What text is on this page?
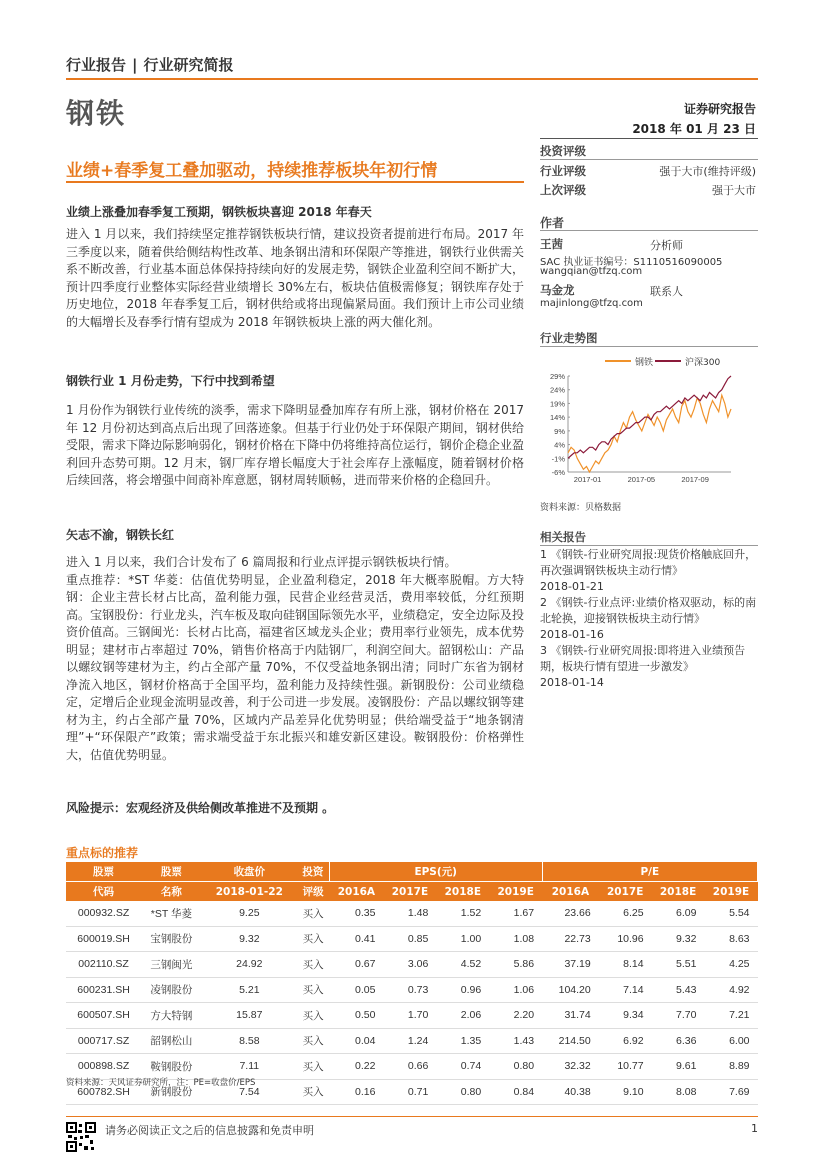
行业报告 | 行业研究简报
钢铁	证券研究报告
2018 年 01 月 23 日
业绩+春季复工叠加驱动，持续推荐板块年初行情
业绩上涨叠加春季复工预期，钢铁板块喜迎 2018 年春天

进入 1 月以来，我们持续坚定推荐钢铁板块行情，建议投资者提前进行布局。2017 年三季度以来，随着供给侧结构性改革、地条钢出清和环保限产等推进，钢铁行业供需关系不断改善，行业基本面总体保持持续向好的发展走势，钢铁企业盈利空间不断扩大，预计四季度行业整体实际经营业绩增长 30%左右，板块估值极需修复；钢铁库存处于历史地位，2018 年春季复工后，钢材供给或将出现偏紧局面。我们预计上市公司业绩的大幅增长及春季行情有望成为 2018 年钢铁板块上涨的两大催化剂。

钢铁行业 1 月份走势，下行中找到希望

1 月份作为钢铁行业传统的淡季，需求下降明显叠加库存有所上涨，钢材价格在 2017 年 12 月份初达到高点后出现了回落迹象。但基于行业仍处于环保限产期间，钢材供给受限，需求下降边际影响弱化，钢材价格在下降中仍将维持高位运行，钢价企稳企业盈利回升态势可期。12 月末，钢厂库存增长幅度大于社会库存上涨幅度，随着钢材价格后续回落，将会增强中间商补库意愿，钢材周转顺畅，进而带来价格的企稳回升。

矢志不渝，钢铁长红

进入 1 月以来，我们合计发布了 6 篇周报和行业点评提示钢铁板块行情。

重点推荐：*ST 华菱：估值优势明显，企业盈利稳定，2018 年大概率脱帽。方大特钢：企业主营长材占比高，盈利能力强，民营企业经营灵活，费用率较低，分红预期高。宝钢股份：行业龙头，汽车板及取向硅钢国际领先水平，业绩稳定，安全边际及投资价值高。三钢闽光：长材占比高，福建省区域龙头企业；费用率行业领先，成本优势明显；建材市占率超过 70%，销售价格高于内陆钢厂，利润空间大。韶钢松山：产品以螺纹钢等建材为主，约占全部产量 70%，不仅受益地条钢出清；同时广东省为钢材净流入地区，钢材价格高于全国平均，盈利能力及持续性强。新钢股份：公司业绩稳定，定增后企业现金流明显改善，利于公司进一步发展。凌钢股份：产品以螺纹钢等建材为主，约占全部产量 70%，区域内产品差异化优势明显；供给端受益于“地条钢清理”+“环保限产”政策；需求端受益于东北振兴和雄安新区建设。鞍钢股份：价格弹性大，估值优势明显。

风险提示：宏观经济及供给侧改革推进不及预期 。
投资评级
行业评级	强于大市(维持评级)
上次评级	强于大市
作者
王茜	分析师
SAC 执业证书编号：S1110516090005
wangqian@tfzq.com
马金龙	联系人
majinlong@tfzq.com
行业走势图
钢铁	沪深300
-6%
-1%
4%
9%
14%
19%
24%
29%
2017-01	2017-05	2017-09
资料来源：贝格数据
相关报告
1 《钢铁-行业研究周报:现货价格触底回升，再次强调钢铁板块主动行情》
2018-01-21
2 《钢铁-行业点评:业绩价格双驱动，标的南北轮换，迎接钢铁板块主动行情》
2018-01-16
3 《钢铁-行业研究周报:即将进入业绩预告期，板块行情有望进一步激发》
2018-01-14
重点标的推荐
股票	股票	收盘价	投资	EPS(元)				P/E			
代码	名称	2018-01-22	评级	2016A	2017E	2018E	2019E	2016A	2017E	2018E	2019E
000932.SZ	*ST 华菱	9.25	买入	0.35	1.48	1.52	1.67	23.66	6.25	6.09	5.54
600019.SH	宝钢股份	9.32	买入	0.41	0.85	1.00	1.08	22.73	10.96	9.32	8.63
002110.SZ	三钢闽光	24.92	买入	0.67	3.06	4.52	5.86	37.19	8.14	5.51	4.25
600231.SH	凌钢股份	5.21	买入	0.05	0.73	0.96	1.06	104.20	7.14	5.43	4.92
600507.SH	方大特钢	15.87	买入	0.50	1.70	2.06	2.20	31.74	9.34	7.70	7.21
000717.SZ	韶钢松山	8.58	买入	0.04	1.24	1.35	1.43	214.50	6.92	6.36	6.00
000898.SZ	鞍钢股份	7.11	买入	0.22	0.66	0.74	0.80	32.32	10.77	9.61	8.89
600782.SH	新钢股份	7.54	买入	0.16	0.71	0.80	0.84	40.38	9.10	8.08	7.69
资料来源：天风证券研究所，注：PE=收盘价/EPS
请务必阅读正文之后的信息披露和免责申明	1
